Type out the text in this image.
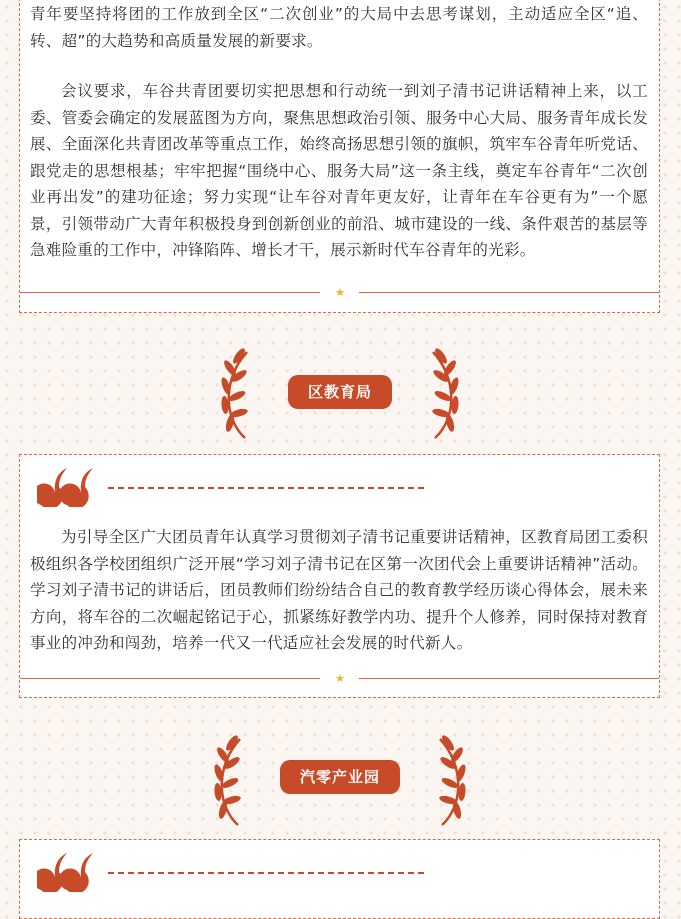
青年要坚持将团的工作放到全区“二次创业”的大局中去思考谋划，主动适应全区“追、转、超”的大趋势和高质量发展的新要求。

会议要求，车谷共青团要切实把思想和行动统一到刘子清书记讲话精神上来，以工委、管委会确定的发展蓝图为方向，聚焦思想政治引领、服务中心大局、服务青年成长发展、全面深化共青团改革等重点工作，始终高扬思想引领的旗帜，筑牢车谷青年听党话、跟党走的思想根基；牢牢把握“围绕中心、服务大局”这一条主线，奠定车谷青年“二次创业再出发”的建功征途；努力实现“让车谷对青年更友好，让青年在车谷更有为”一个愿景，引领带动广大青年积极投身到创新创业的前沿、城市建设的一线、条件艰苦的基层等急难险重的工作中，冲锋陷阵、增长才干，展示新时代车谷青年的光彩。

★
区教育局

为引导全区广大团员青年认真学习贯彻刘子清书记重要讲话精神，区教育局团工委积极组织各学校团组织广泛开展“学习刘子清书记在区第一次团代会上重要讲话精神”活动。学习刘子清书记的讲话后，团员教师们纷纷结合自己的教育教学经历谈心得体会，展未来方向，将车谷的二次崛起铭记于心，抓紧练好教学内功、提升个人修养，同时保持对教育事业的冲劲和闯劲，培养一代又一代适应社会发展的时代新人。

★
汽零产业园
